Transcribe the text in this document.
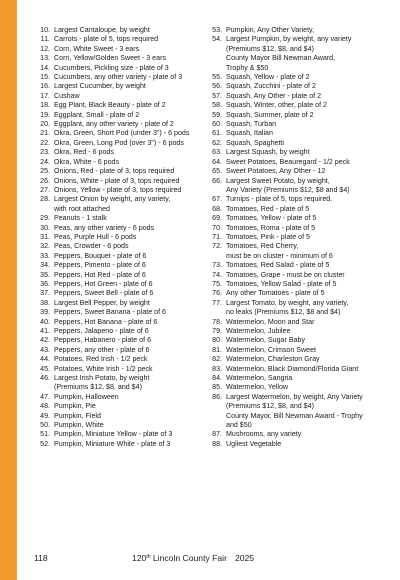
10. Largest Cantaloupe, by weight
11. Carrots - plate of 5, tops required
12. Corn, White Sweet - 3 ears
13. Corn, Yellow/Golden Sweet - 3 ears
14. Cucumbers, Pickling size - plate of 3
15. Cucumbers, any other variety - plate of 3
16. Largest Cucumber, by weight
17. Cushaw
18. Egg Plant, Black Beauty - plate of 2
19. Eggplant, Small - plate of 2
20. Eggplant, any other variety - plate of 2
21. Okra, Green, Short Pod (under 3") - 6 pods
22. Okra, Green, Long Pod (over 3") - 6 pods
23. Okra, Red - 6 pods
24. Okra, White - 6 pods
25. Onions, Red - plate of 3, tops required
26. Onions, White - plate of 3, tops required
27. Onions, Yellow - plate of 3, tops required
28. Largest Onion by weight, any variety,
with root attached
29. Peanuts - 1 stalk
30. Peas, any other variety - 6 pods
31. Peas, Purple Hull - 6 pods
32. Peas, Crowder - 6 pods
33. Peppers, Bouquet - plate of 6
34. Peppers, Pimento - plate of 6
35. Peppers, Hot Red - plate of 6
36. Peppers, Hot Green - plate of 6
37. Peppers, Sweet Bell - plate of 6
38. Largest Bell Pepper, by weight
39. Peppers, Sweet Banana - plate of 6
40. Peppers, Hot Banana - plate of 6
41. Peppers, Jalapeno - plate of 6
42. Peppers, Habanero - plate of 6
43. Peppers, any other - plate of 6
44. Potatoes, Red Irish - 1/2 peck
45. Potatoes, White Irish - 1/2 peck
46. Largest Irish Potato, by weight
(Premiums $12, $8, and $4)
47. Pumpkin, Halloween
48. Pumpkin, Pie
49. Pumpkin, Field
50. Pumpkin, White
51. Pumpkin, Miniature Yellow - plate of 3
52. Pumpkin, Miniature White - plate of 3
53. Pumpkin, Any Other Variety,
54. Largest Pumpkin, by weight, any variety
(Premiums $12, $8, and $4)
County Mayor Bill Newman Award,
Trophy & $50
55. Squash, Yellow - plate of 2
56. Squash, Zucchini - plate of 2
57. Squash, Any Other - plate of 2
58. Squash, Winter, other, plate of 2
59. Squash, Summer, plate of 2
60. Squash, Turban
61. Squash, Italian
62. Squash, Spaghetti
63. Largest Squash, by weight
64. Sweet Potatoes, Beauregard - 1/2 peck
65. Sweet Potatoes, Any Other - 12
66. Largest Sweet Potato, by weight,
Any Variety (Premiums $12, $8 and $4)
67. Turnips - plate of 5, tops required.
68. Tomatoes, Red - plate of 5
69. Tomatoes, Yellow - plate of 5
70. Tomatoes, Roma - plate of 5
71. Tomatoes, Pink - plate of 5
72. Tomatoes, Red Cherry,
must be on cluster - minimum of 6
73. Tomatoes, Red Salad - plate of 5
74. Tomatoes, Grape - must be on cluster
75. Tomatoes, Yellow Salad - plate of 5
76. Any other Tomatoes - plate of 5
77. Largest Tomato, by weight, any variety,
no leaks (Premiums $12, $8 and $4)
78. Watermelon, Moon and Star
79. Watermelon, Jubilee
80. Watermelon, Sugar Baby
81. Watermelon, Crimson Sweet
82. Watermelon, Charleston Gray
83. Watermelon, Black Diamond/Florida Giant
84. Watermelon, Sangria
85. Watermelon, Yellow
86. Largest Watermelon, by weight, Any Variety
(Premiums $12, $8, and $4)
County Mayor, Bill Newman Award - Trophy
and $50
87. Mushrooms, any variety
88. Ugliest Vegetable
118	120th Lincoln County Fair 2025
